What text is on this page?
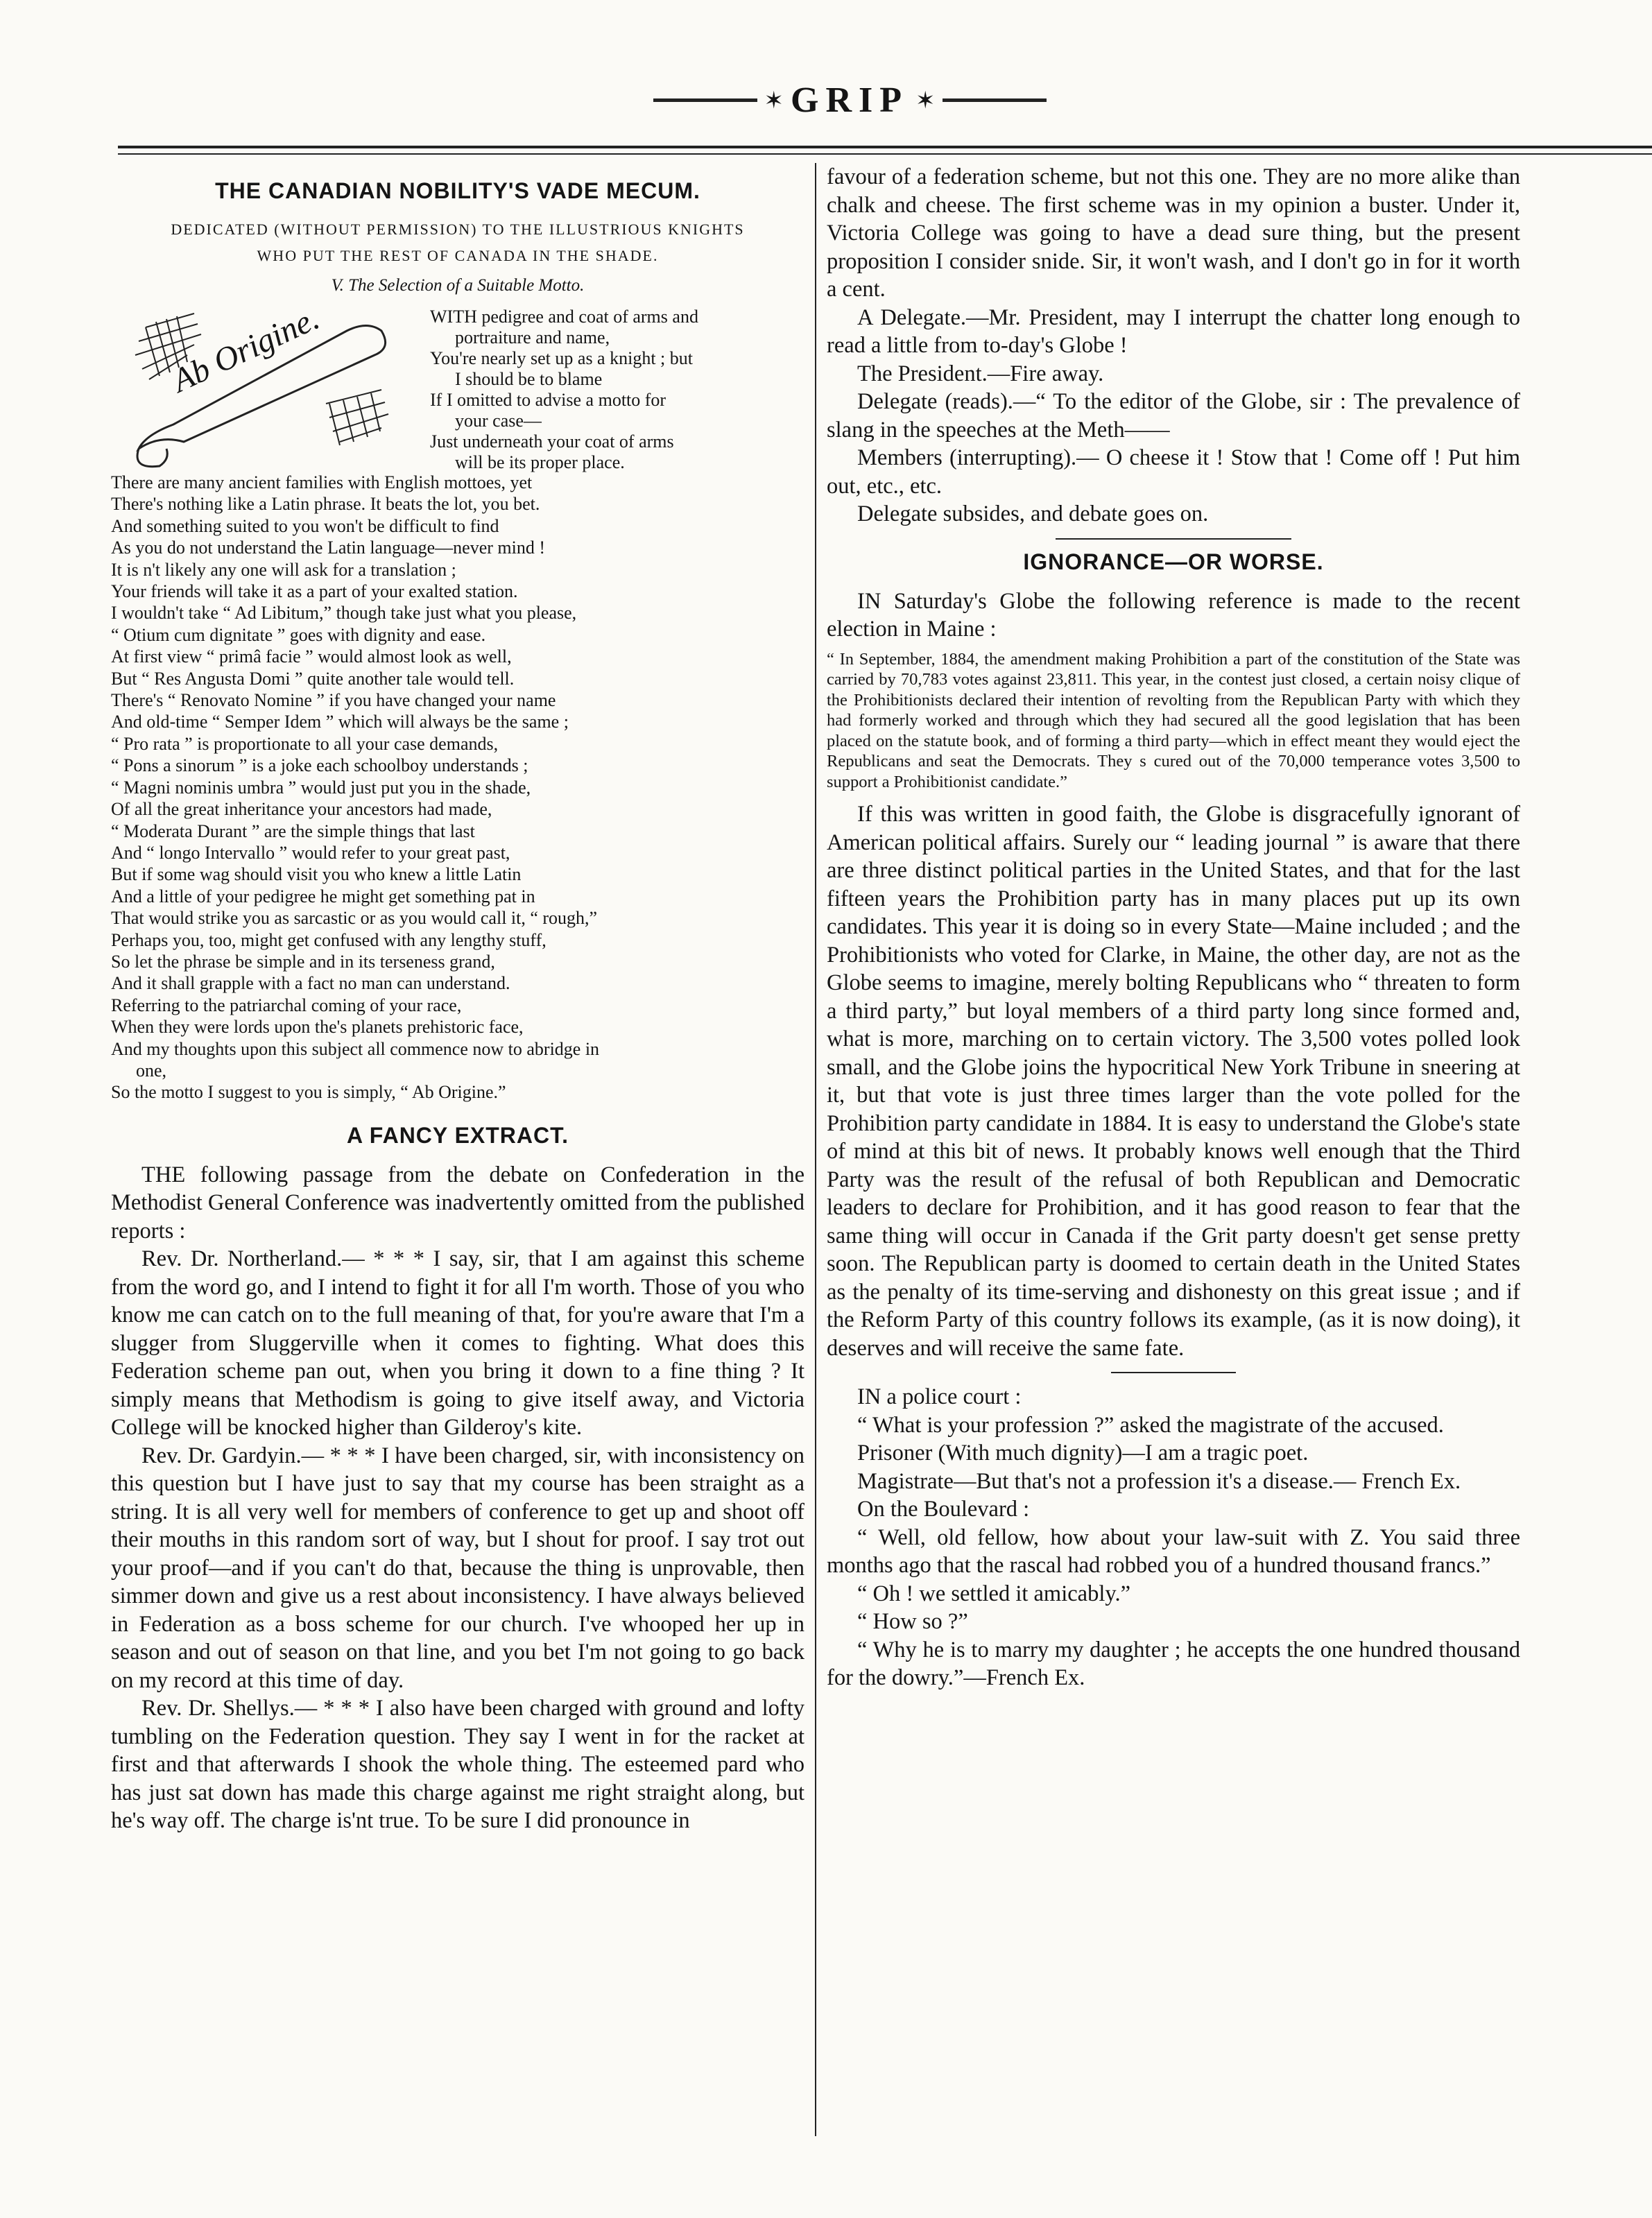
✶ GRIP ✶
THE CANADIAN NOBILITY'S VADE MECUM.

DEDICATED (WITHOUT PERMISSION) TO THE ILLUSTRIOUS KNIGHTS

WHO PUT THE REST OF CANADA IN THE SHADE.

V. The Selection of a Suitable Motto.

Ab Origine.	WITH pedigree and coat of arms and

portraiture and name,

You're nearly set up as a knight ; but

I should be to blame

If I omitted to advise a motto for

your case—

Just underneath your coat of arms

will be its proper place.

There are many ancient families with English mottoes, yet

There's nothing like a Latin phrase. It beats the lot, you bet.

And something suited to you won't be difficult to find

As you do not understand the Latin language—never mind !

It is n't likely any one will ask for a translation ;

Your friends will take it as a part of your exalted station.

I wouldn't take “ Ad Libitum,” though take just what you please,

“ Otium cum dignitate ” goes with dignity and ease.

At first view “ primâ facie ” would almost look as well,

But “ Res Angusta Domi ” quite another tale would tell.

There's “ Renovato Nomine ” if you have changed your name

And old-time “ Semper Idem ” which will always be the same ;

“ Pro rata ” is proportionate to all your case demands,

“ Pons a sinorum ” is a joke each schoolboy understands ;

“ Magni nominis umbra ” would just put you in the shade,

Of all the great inheritance your ancestors had made,

“ Moderata Durant ” are the simple things that last

And “ longo Intervallo ” would refer to your great past,

But if some wag should visit you who knew a little Latin

And a little of your pedigree he might get something pat in

That would strike you as sarcastic or as you would call it, “ rough,”

Perhaps you, too, might get confused with any lengthy stuff,

So let the phrase be simple and in its terseness grand,

And it shall grapple with a fact no man can understand.

Referring to the patriarchal coming of your race,

When they were lords upon the's planets prehistoric face,

And my thoughts upon this subject all commence now to abridge in

one,

So the motto I suggest to you is simply, “ Ab Origine.”

A FANCY EXTRACT.

THE following passage from the debate on Confederation in the Methodist General Conference was inadvertently omitted from the published reports :

Rev. Dr. Northerland.— * * * I say, sir, that I am against this scheme from the word go, and I intend to fight it for all I'm worth. Those of you who know me can catch on to the full meaning of that, for you're aware that I'm a slugger from Sluggerville when it comes to fighting. What does this Federation scheme pan out, when you bring it down to a fine thing ? It simply means that Methodism is going to give itself away, and Victoria College will be knocked higher than Gilderoy's kite.

Rev. Dr. Gardyin.— * * * I have been charged, sir, with inconsistency on this question but I have just to say that my course has been straight as a string. It is all very well for members of conference to get up and shoot off their mouths in this random sort of way, but I shout for proof. I say trot out your proof—and if you can't do that, because the thing is unprovable, then simmer down and give us a rest about inconsistency. I have always believed in Federation as a boss scheme for our church. I've whooped her up in season and out of season on that line, and you bet I'm not going to go back on my record at this time of day.

Rev. Dr. Shellys.— * * * I also have been charged with ground and lofty tumbling on the Federation question. They say I went in for the racket at first and that afterwards I shook the whole thing. The esteemed pard who has just sat down has made this charge against me right straight along, but he's way off. The charge is'nt true. To be sure I did pronounce in

favour of a federation scheme, but not this one. They are no more alike than chalk and cheese. The first scheme was in my opinion a buster. Under it, Victoria College was going to have a dead sure thing, but the present proposition I consider snide. Sir, it won't wash, and I don't go in for it worth a cent.

A Delegate.—Mr. President, may I interrupt the chatter long enough to read a little from to-day's Globe !

The President.—Fire away.

Delegate (reads).—“ To the editor of the Globe, sir : The prevalence of slang in the speeches at the Meth——

Members (interrupting).— O cheese it ! Stow that ! Come off ! Put him out, etc., etc.

Delegate subsides, and debate goes on.

IGNORANCE—OR WORSE.

IN Saturday's Globe the following reference is made to the recent election in Maine :

“ In September, 1884, the amendment making Prohibition a part of the constitution of the State was carried by 70,783 votes against 23,811. This year, in the contest just closed, a certain noisy clique of the Prohibitionists declared their intention of revolting from the Republican Party with which they had formerly worked and through which they had secured all the good legislation that has been placed on the statute book, and of forming a third party—which in effect meant they would eject the Republicans and seat the Democrats. They s cured out of the 70,000 temperance votes 3,500 to support a Prohibitionist candidate.”

If this was written in good faith, the Globe is disgracefully ignorant of American political affairs. Surely our “ leading journal ” is aware that there are three distinct political parties in the United States, and that for the last fifteen years the Prohibition party has in many places put up its own candidates. This year it is doing so in every State—Maine included ; and the Prohibitionists who voted for Clarke, in Maine, the other day, are not as the Globe seems to imagine, merely bolting Republicans who “ threaten to form a third party,” but loyal members of a third party long since formed and, what is more, marching on to certain victory. The 3,500 votes polled look small, and the Globe joins the hypocritical New York Tribune in sneering at it, but that vote is just three times larger than the vote polled for the Prohibition party candidate in 1884. It is easy to understand the Globe's state of mind at this bit of news. It probably knows well enough that the Third Party was the result of the refusal of both Republican and Democratic leaders to declare for Prohibition, and it has good reason to fear that the same thing will occur in Canada if the Grit party doesn't get sense pretty soon. The Republican party is doomed to certain death in the United States as the penalty of its time-serving and dishonesty on this great issue ; and if the Reform Party of this country follows its example, (as it is now doing), it deserves and will receive the same fate.

IN a police court :

“ What is your profession ?” asked the magistrate of the accused.

Prisoner (With much dignity)—I am a tragic poet.

Magistrate—But that's not a profession it's a disease.— French Ex.

On the Boulevard :

“ Well, old fellow, how about your law-suit with Z. You said three months ago that the rascal had robbed you of a hundred thousand francs.”

“ Oh ! we settled it amicably.”

“ How so ?”

“ Why he is to marry my daughter ; he accepts the one hundred thousand for the dowry.”—French Ex.
